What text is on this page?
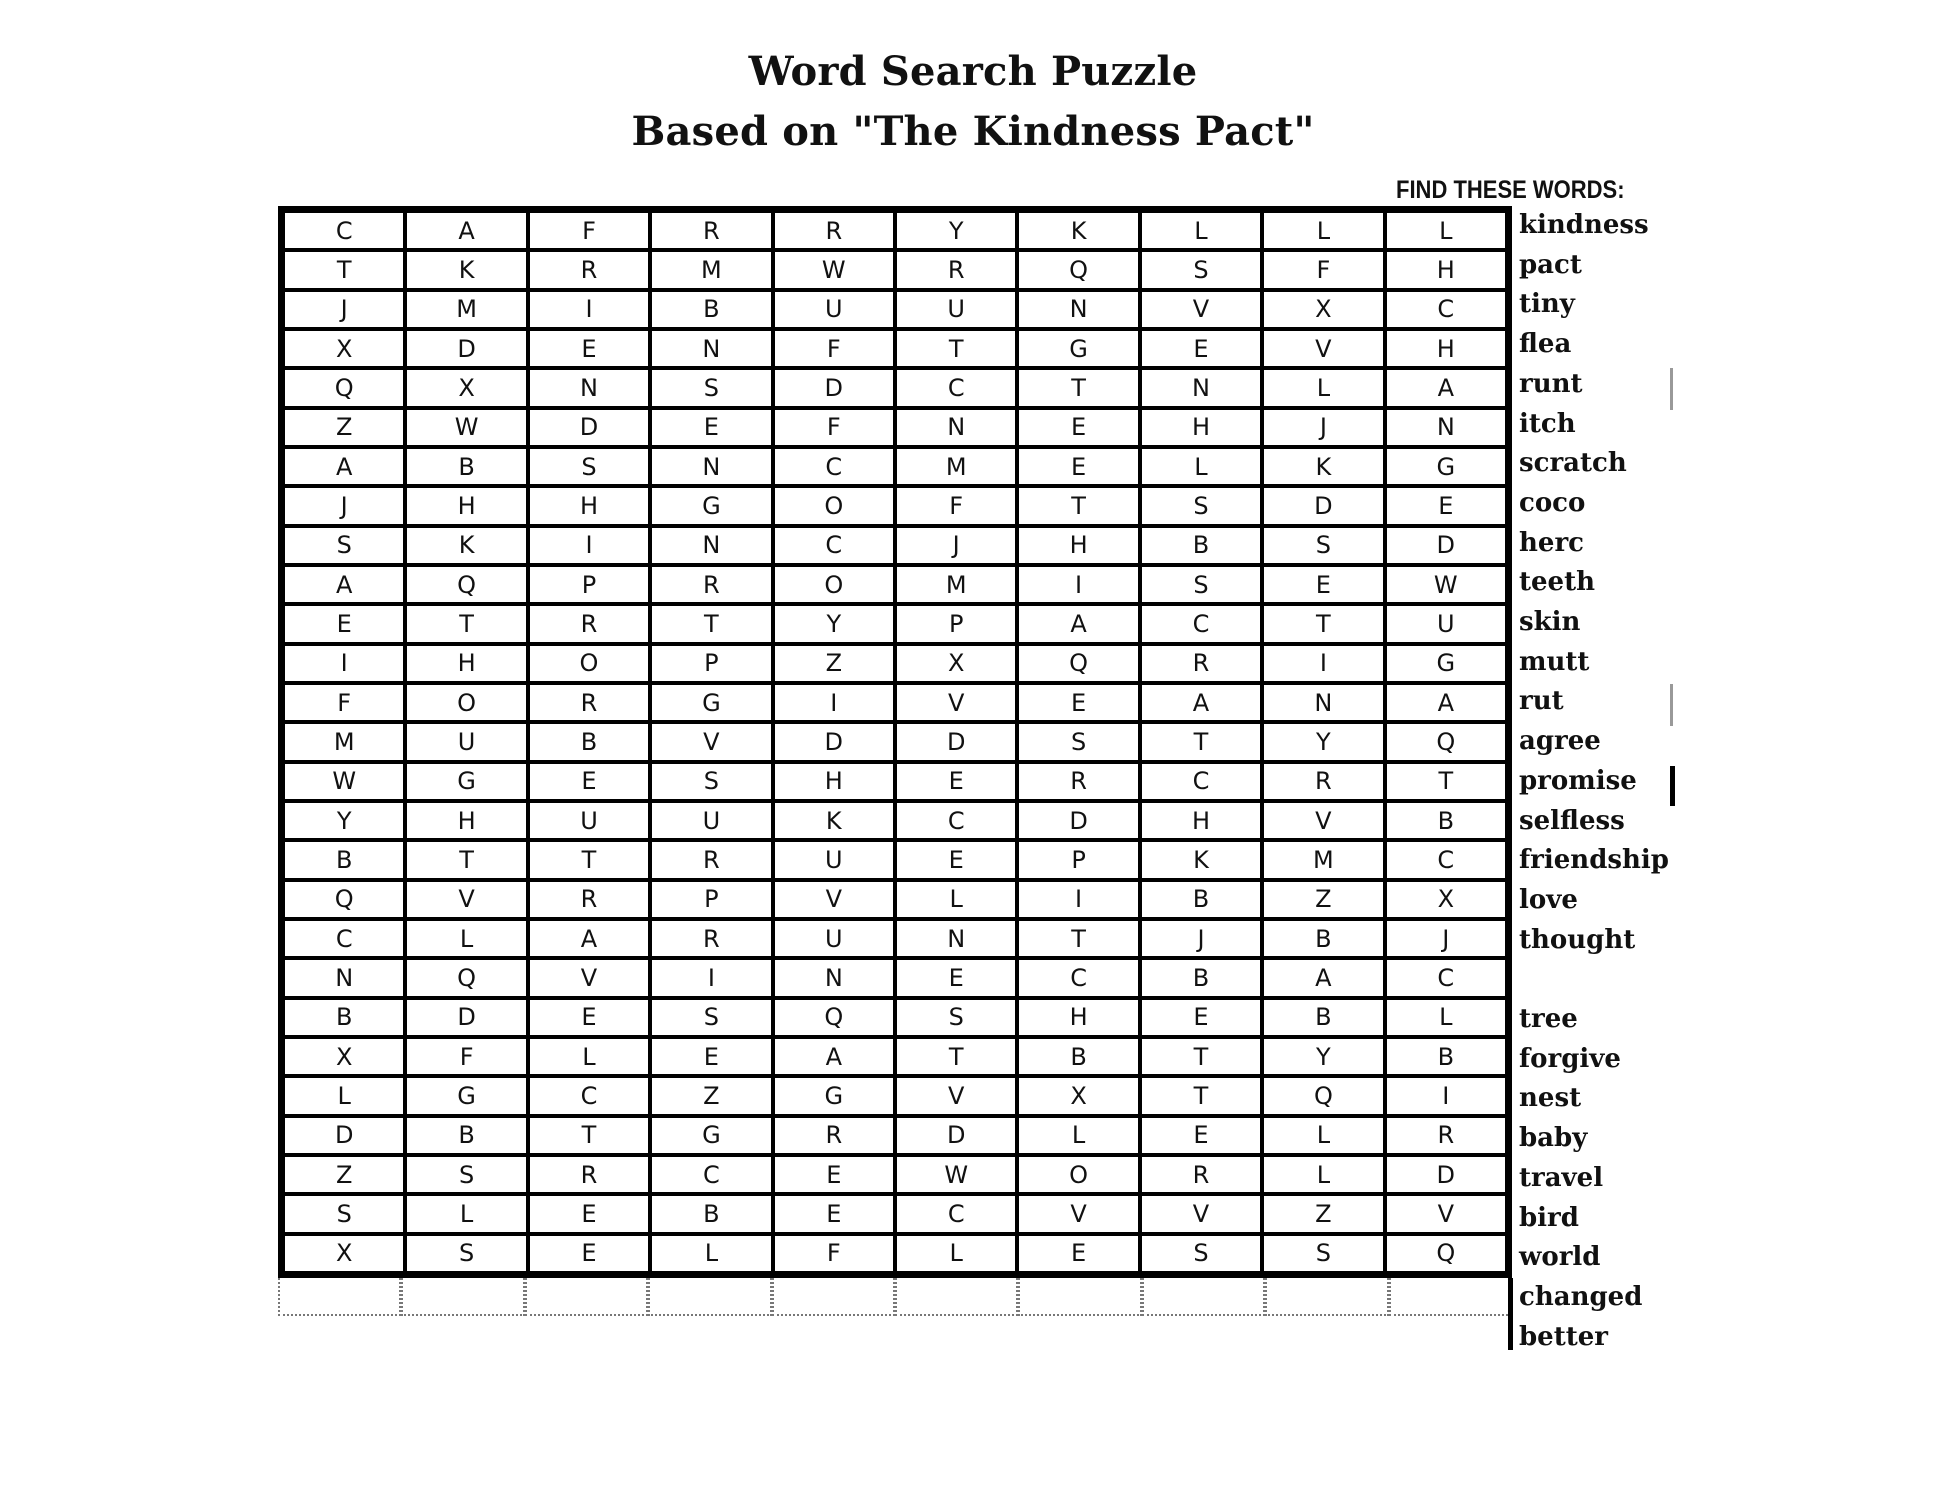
Word Search Puzzle
Based on "The Kindness Pact"
FIND THESE WORDS:
C	A	F	R	R	Y	K	L	L	L
T	K	R	M	W	R	Q	S	F	H
J	M	I	B	U	U	N	V	X	C
X	D	E	N	F	T	G	E	V	H
Q	X	N	S	D	C	T	N	L	A
Z	W	D	E	F	N	E	H	J	N
A	B	S	N	C	M	E	L	K	G
J	H	H	G	O	F	T	S	D	E
S	K	I	N	C	J	H	B	S	D
A	Q	P	R	O	M	I	S	E	W
E	T	R	T	Y	P	A	C	T	U
I	H	O	P	Z	X	Q	R	I	G
F	O	R	G	I	V	E	A	N	A
M	U	B	V	D	D	S	T	Y	Q
W	G	E	S	H	E	R	C	R	T
Y	H	U	U	K	C	D	H	V	B
B	T	T	R	U	E	P	K	M	C
Q	V	R	P	V	L	I	B	Z	X
C	L	A	R	U	N	T	J	B	J
N	Q	V	I	N	E	C	B	A	C
B	D	E	S	Q	S	H	E	B	L
X	F	L	E	A	T	B	T	Y	B
L	G	C	Z	G	V	X	T	Q	I
D	B	T	G	R	D	L	E	L	R
Z	S	R	C	E	W	O	R	L	D
S	L	E	B	E	C	V	V	Z	V
X	S	E	L	F	L	E	S	S	Q
kindness
pact
tiny
flea
runt
itch
scratch
coco
herc
teeth
skin
mutt
rut
agree
promise
selfless
friendship
love
thought
tree
forgive
nest
baby
travel
bird
world
changed
better
